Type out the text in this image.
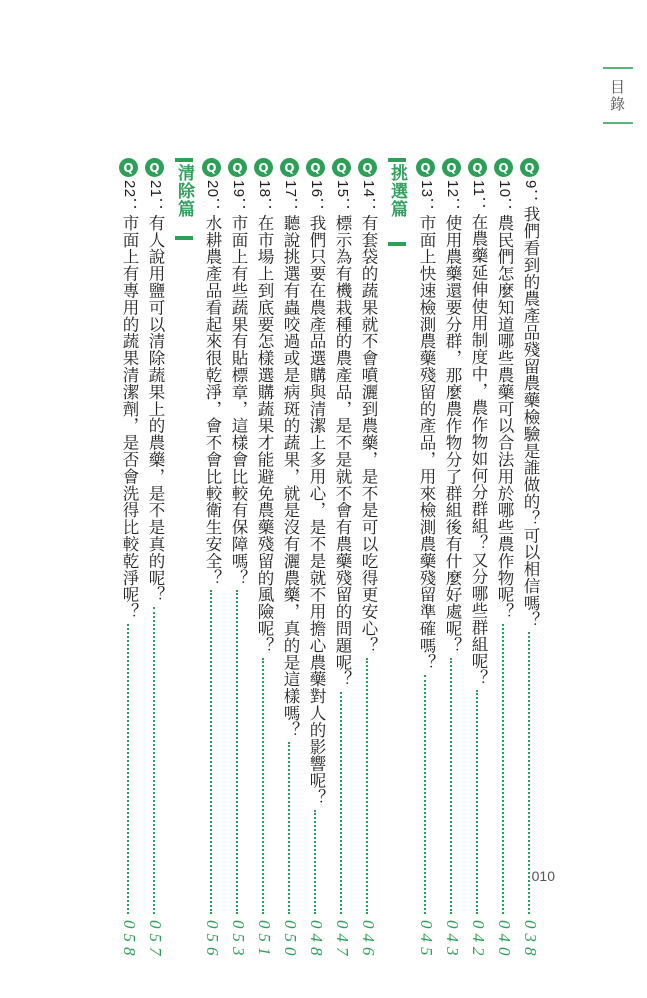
目錄
Q
9：我們看到的農產品殘留農藥檢驗是誰做的？可以相信嗎？
038
Q
10：農民們怎麼知道哪些農藥可以合法用於哪些農作物呢？
040
Q
11：在農藥延伸使用制度中，農作物如何分群組？又分哪些群組呢？
042
Q
12：使用農藥還要分群，那麼農作物分了群組後有什麼好處呢？
043
Q
13：市面上快速檢測農藥殘留的產品，用來檢測農藥殘留準確嗎？
045
挑選篇
Q
14：有套袋的蔬果就不會噴灑到農藥，是不是可以吃得更安心？
046
Q
15：標示為有機栽種的農產品，是不是就不會有農藥殘留的問題呢？
047
Q
16：我們只要在農產品選購與清潔上多用心，是不是就不用擔心農藥對人的影響呢？
048
Q
17：聽說挑選有蟲咬過或是病斑的蔬果，就是沒有灑農藥，真的是這樣嗎？
050
Q
18：在市場上到底要怎樣選購蔬果才能避免農藥殘留的風險呢？
051
Q
19：市面上有些蔬果有貼標章，這樣會比較有保障嗎？
053
Q
20：水耕農產品看起來很乾淨，會不會比較衛生安全？
056
清除篇
Q
21：有人說用鹽可以清除蔬果上的農藥，是不是真的呢？
057
Q
22：市面上有專用的蔬果清潔劑，是否會洗得比較乾淨呢？
058
010
